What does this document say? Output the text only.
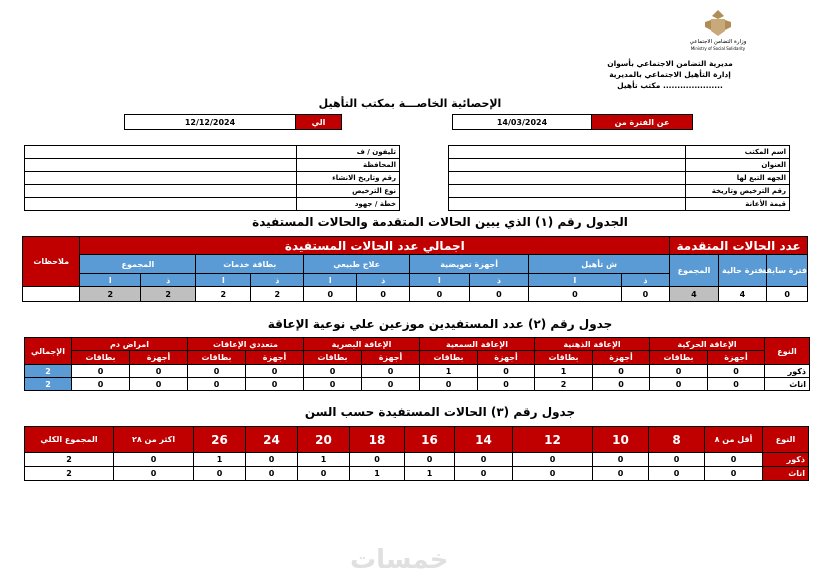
وزارة التضامن الاجتماعي
Ministry of Social Solidarity
مديرية التضامن الاجتماعي بأسوان
إدارة التأهيل الاجتماعي بالمديرية
مكتب تأهيل .....................
الإحصائية الخاصـــة بمكتب التأهيل
12/12/2024	الي		14/03/2024	عن الفترة من
	اسم المكتب
	العنوان
	الجهه التبع لها
	رقم الترخيص وتاريخة
	قيمة الأعانة
	تليفون / ف
	المحافظة
	رقم وتاريخ الانشاء
	نوع الترخيص
	خطة / جهود
الجدول رقم (١) الذي يبين الحالات المتقدمة والحالات المستفيدة
عدد الحالات المتقدمة			اجمالي عدد الحالات المستفيدة										ملاحظات
فترة سابقة	فترة حالية	المجموع	ش تأهيل		أجهزة تعويضية		علاج طبيعي		بطاقة خدمات		المجموع		
			ذ	ا	ذ	ا	ذ	ا	ذ	ا	ذ	ا	
0	4	4	0	0	0	0	0	0	2	2	2	2	
جدول رقم (٢) عدد المستفيدين موزعين علي نوعية الإعاقة
النوع	الإعاقة الحركية		الإعاقة الذهنية		الإعاقة السمعية		الإعاقة البصرية		متعددي الإعاقات		امراض دم		الإجمالي
	أجهزة	بطاقات	أجهزة	بطاقات	أجهزة	بطاقات	أجهزة	بطاقات	أجهزة	بطاقات	أجهزة	بطاقات	
ذكور	0	0	0	1	0	1	0	0	0	0	0	0	2
اناث	0	0	0	2	0	0	0	0	0	0	0	0	2
جدول رقم (٣) الحالات المستفيدة حسب السن
النوع	أقل من ٨	8	10	12	14	16	18	20	24	26	اكثر من ٢٨	المجموع الكلي
ذكور	0	0	0	0	0	0	0	1	0	1	0	2
اناث	0	0	0	0	0	1	1	0	0	0	0	2
خمسات
